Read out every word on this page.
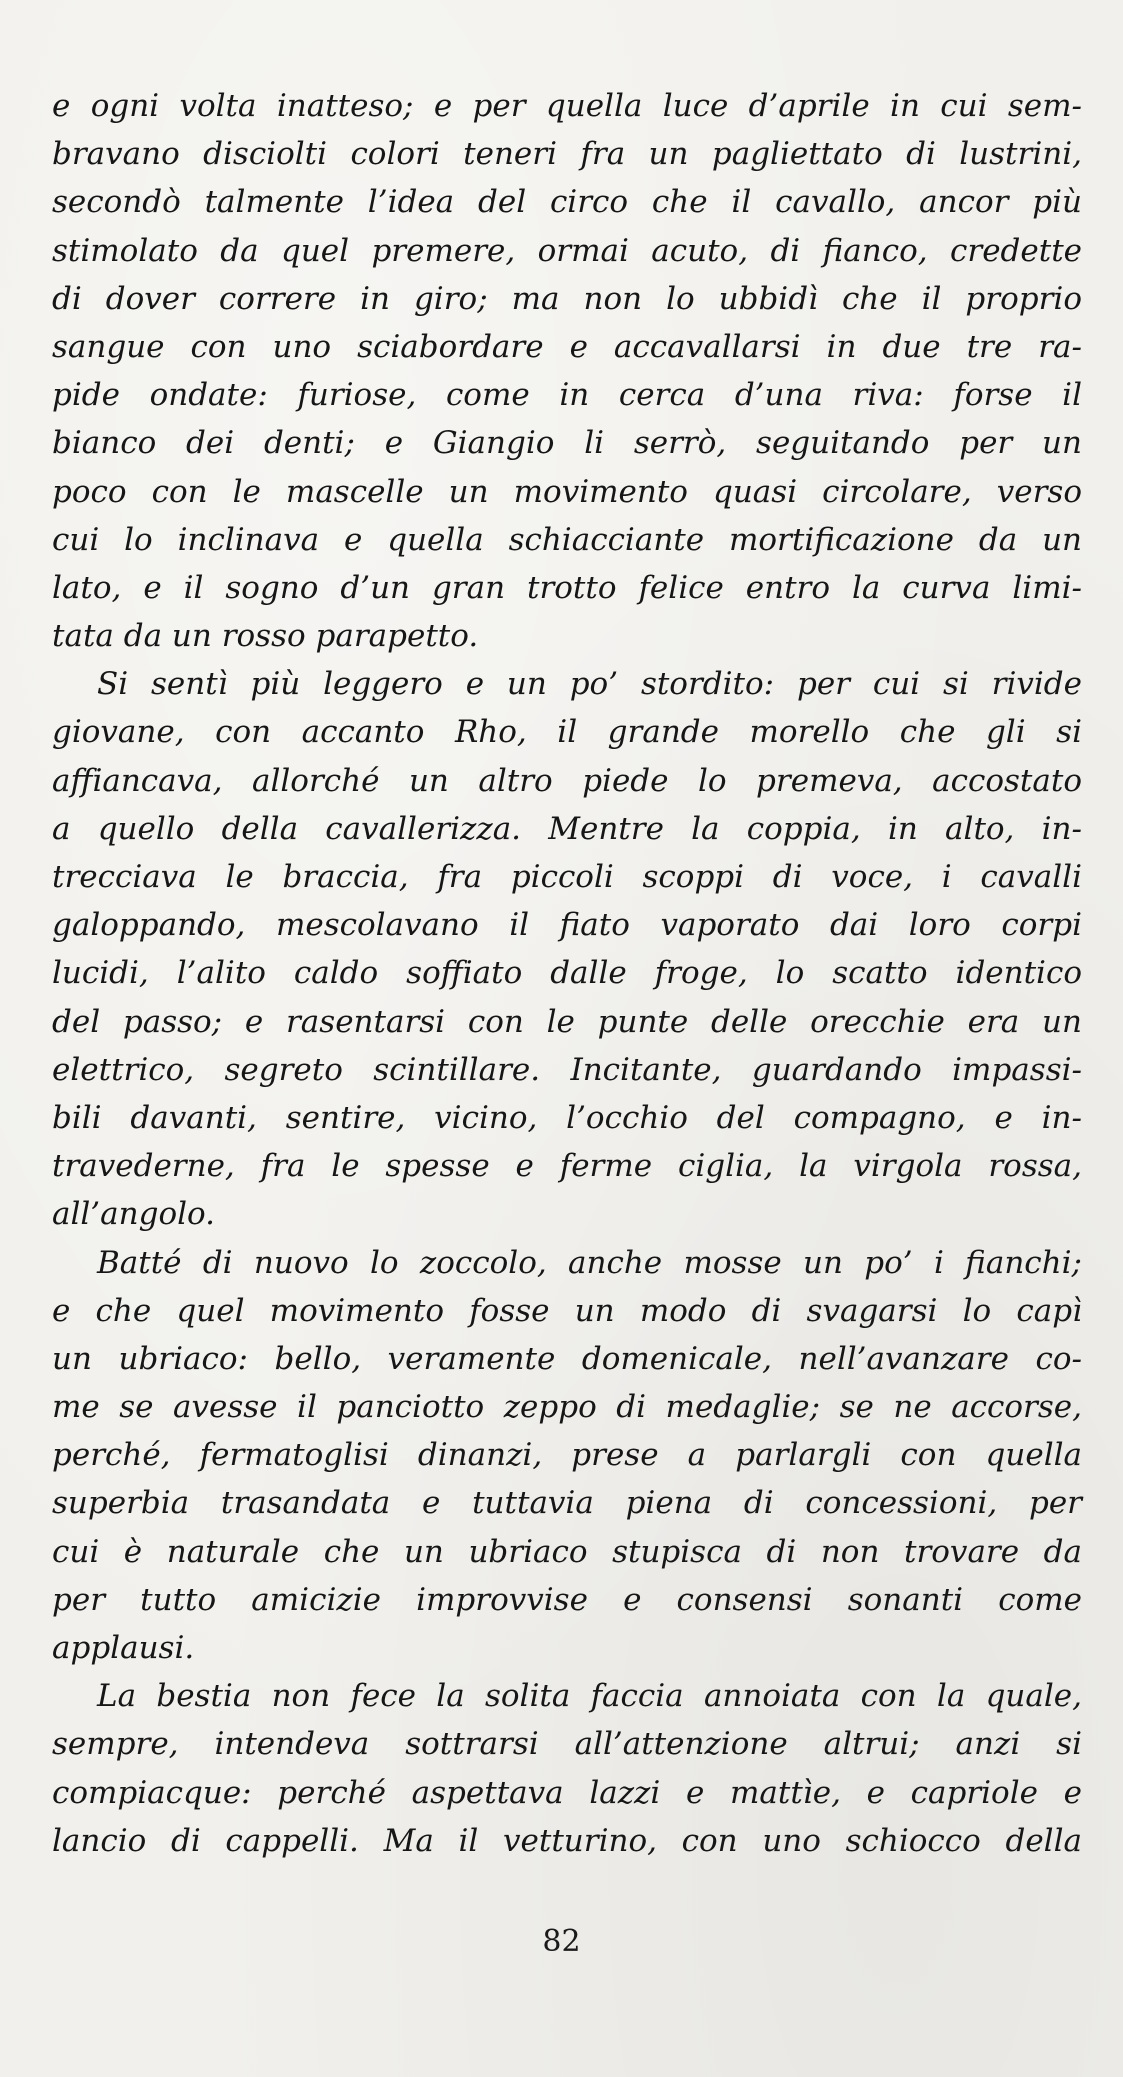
e ogni volta inatteso; e per quella luce d’aprile in cui sem-
bravano disciolti colori teneri fra un pagliettato di lustrini,
secondò talmente l’idea del circo che il cavallo, ancor più
stimolato da quel premere, ormai acuto, di fianco, credette
di dover correre in giro; ma non lo ubbidì che il proprio
sangue con uno sciabordare e accavallarsi in due tre ra-
pide ondate: furiose, come in cerca d’una riva: forse il
bianco dei denti; e Giangio li serrò, seguitando per un
poco con le mascelle un movimento quasi circolare, verso
cui lo inclinava e quella schiacciante mortificazione da un
lato, e il sogno d’un gran trotto felice entro la curva limi-
tata da un rosso parapetto.
Si sentì più leggero e un po’ stordito: per cui si rivide
giovane, con accanto Rho, il grande morello che gli si
affiancava, allorché un altro piede lo premeva, accostato
a quello della cavallerizza. Mentre la coppia, in alto, in-
trecciava le braccia, fra piccoli scoppi di voce, i cavalli
galoppando, mescolavano il fiato vaporato dai loro corpi
lucidi, l’alito caldo soffiato dalle froge, lo scatto identico
del passo; e rasentarsi con le punte delle orecchie era un
elettrico, segreto scintillare. Incitante, guardando impassi-
bili davanti, sentire, vicino, l’occhio del compagno, e in-
travederne, fra le spesse e ferme ciglia, la virgola rossa,
all’angolo.
Batté di nuovo lo zoccolo, anche mosse un po’ i fianchi;
e che quel movimento fosse un modo di svagarsi lo capì
un ubriaco: bello, veramente domenicale, nell’avanzare co-
me se avesse il panciotto zeppo di medaglie; se ne accorse,
perché, fermatoglisi dinanzi, prese a parlargli con quella
superbia trasandata e tuttavia piena di concessioni, per
cui è naturale che un ubriaco stupisca di non trovare da
per tutto amicizie improvvise e consensi sonanti come
applausi.
La bestia non fece la solita faccia annoiata con la quale,
sempre, intendeva sottrarsi all’attenzione altrui; anzi si
compiacque: perché aspettava lazzi e mattìe, e capriole e
lancio di cappelli. Ma il vetturino, con uno schiocco della
82
